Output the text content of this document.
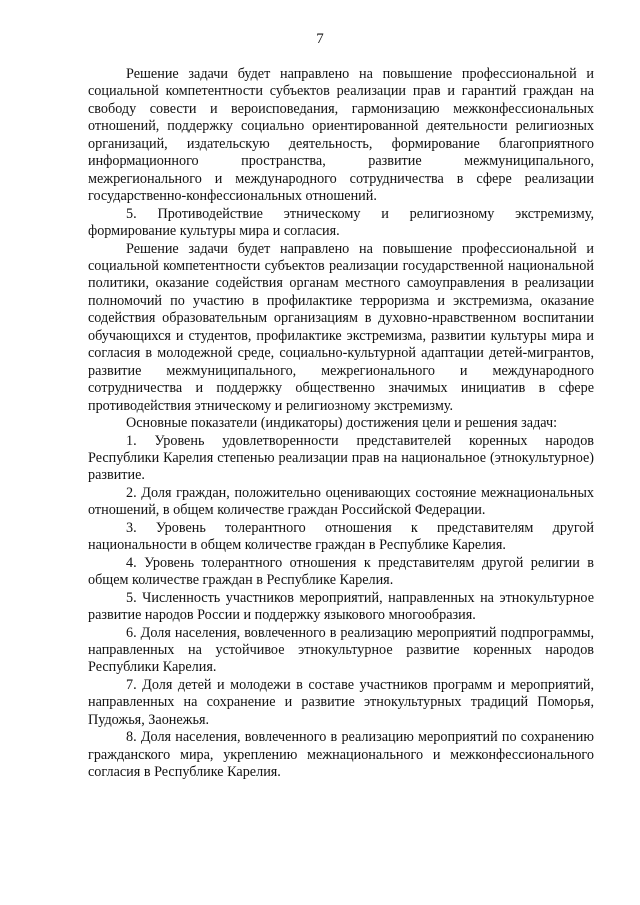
7

Решение задачи будет направлено на повышение профессиональной и социальной компетентности субъектов реализации прав и гарантий граждан на свободу совести и вероисповедания, гармонизацию межконфессиональных отношений, поддержку социально ориентированной деятельности религиозных организаций, издательскую деятельность, формирование благоприятного информационного пространства, развитие межмуниципального, межрегионального и международного сотрудничества в сфере реализации государственно-конфессиональных отношений.

5. Противодействие этническому и религиозному экстремизму, формирование культуры мира и согласия.

Решение задачи будет направлено на повышение профессиональной и социальной компетентности субъектов реализации государственной национальной политики, оказание содействия органам местного самоуправления в реализации полномочий по участию в профилактике терроризма и экстремизма, оказание содействия образовательным организациям в духовно-нравственном воспитании обучающихся и студентов, профилактике экстремизма, развитии культуры мира и согласия в молодежной среде, социально-культурной адаптации детей-мигрантов, развитие межмуниципального, межрегионального и международного сотрудничества и поддержку общественно значимых инициатив в сфере противодействия этническому и религиозному экстремизму.

Основные показатели (индикаторы) достижения цели и решения задач:

1. Уровень удовлетворенности представителей коренных народов Республики Карелия степенью реализации прав на национальное (этнокультурное) развитие.

2. Доля граждан, положительно оценивающих состояние межнациональных отношений, в общем количестве граждан Российской Федерации.

3. Уровень толерантного отношения к представителям другой национальности в общем количестве граждан в Республике Карелия.

4. Уровень толерантного отношения к представителям другой религии в общем количестве граждан в Республике Карелия.

5. Численность участников мероприятий, направленных на этнокультурное развитие народов России и поддержку языкового многообразия.

6. Доля населения, вовлеченного в реализацию мероприятий подпрограммы, направленных на устойчивое этнокультурное развитие коренных народов Республики Карелия.

7. Доля детей и молодежи в составе участников программ и мероприятий, направленных на сохранение и развитие этнокультурных традиций Поморья, Пудожья, Заонежья.

8. Доля населения, вовлеченного в реализацию мероприятий по сохранению гражданского мира, укреплению межнационального и межконфессионального согласия в Республике Карелия.
